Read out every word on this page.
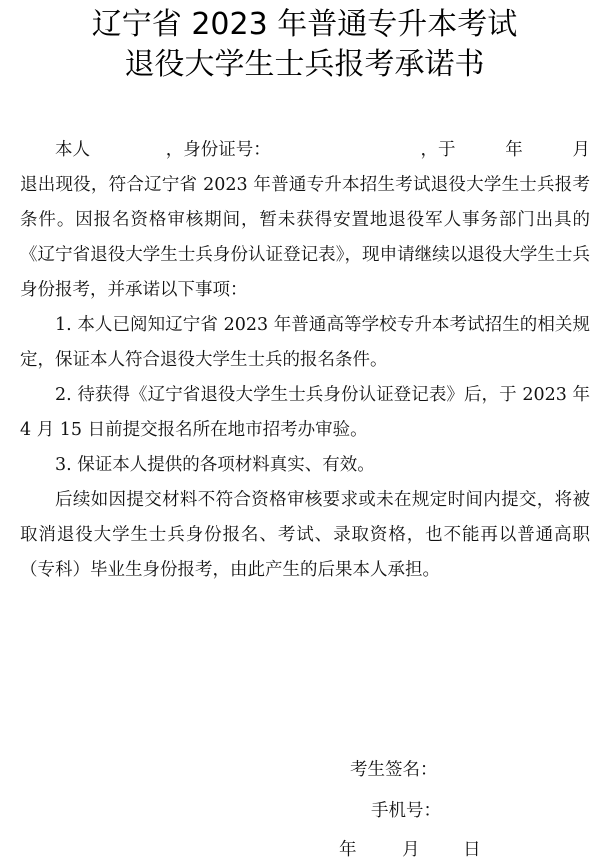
辽宁省 2023 年普通专升本考试
退役大学生士兵报考承诺书
本人	，身份证号：	，于	年	月

退出现役，符合辽宁省 2023 年普通专升本招生考试退役大学生士兵报考条件。因报名资格审核期间，暂未获得安置地退役军人事务部门出具的《辽宁省退役大学生士兵身份认证登记表》，现申请继续以退役大学生士兵身份报考，并承诺以下事项：

1. 本人已阅知辽宁省 2023 年普通高等学校专升本考试招生的相关规定，保证本人符合退役大学生士兵的报名条件。

2. 待获得《辽宁省退役大学生士兵身份认证登记表》后，于 2023 年 4 月 15 日前提交报名所在地市招考办审验。

3. 保证本人提供的各项材料真实、有效。

后续如因提交材料不符合资格审核要求或未在规定时间内提交，将被取消退役大学生士兵身份报名、考试、录取资格，也不能再以普通高职（专科）毕业生身份报考，由此产生的后果本人承担。

考生签名：
手机号：
年	月 日
